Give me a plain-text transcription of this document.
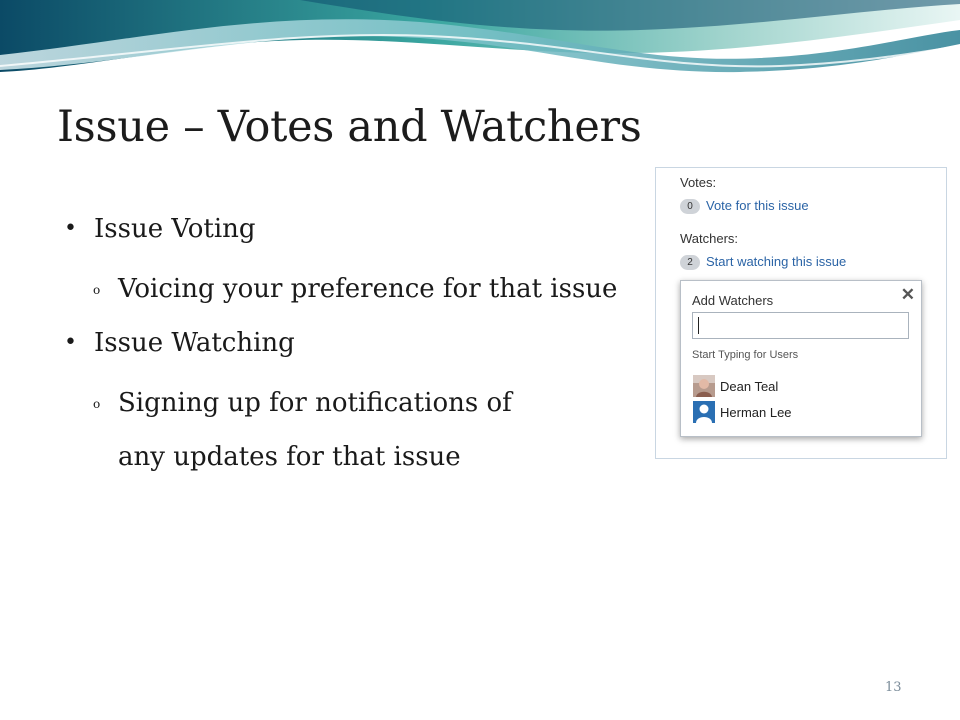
Issue – Votes and Watchers
• Issue Voting
o Voicing your preference for that issue
• Issue Watching
o Signing up for notifications of any updates for that issue
Votes:
0	Vote for this issue
Watchers:
2	Start watching this issue
Add Watchers	✕
Start Typing for Users
Dean Teal
Herman Lee
13
